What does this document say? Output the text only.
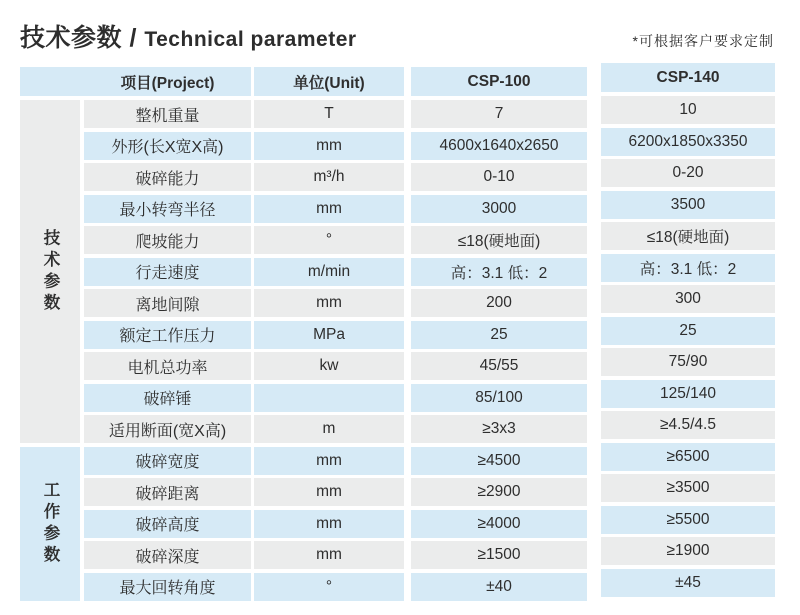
技术参数 / Technical parameter	*可根据客户要求定制
项目(Project)
技术参数
工作参数
整机重量
外形(长X宽X高)
破碎能力
最小转弯半径
爬坡能力
行走速度
离地间隙
额定工作压力
电机总功率
破碎锤
适用断面(宽X高)
破碎宽度
破碎距离
破碎高度
破碎深度
最大回转角度
单位(Unit)
T
mm
m³/h
mm
°
m/min
mm
MPa
kw
m
mm
mm
mm
mm
°
CSP-100
7
4600x1640x2650
0-10
3000
≤18(硬地面)
高：3.1 低：2
200
25
45/55
85/100
≥3x3
≥4500
≥2900
≥4000
≥1500
±40
CSP-140
10
6200x1850x3350
0-20
3500
≤18(硬地面)
高：3.1 低：2
300
25
75/90
125/140
≥4.5/4.5
≥6500
≥3500
≥5500
≥1900
±45
